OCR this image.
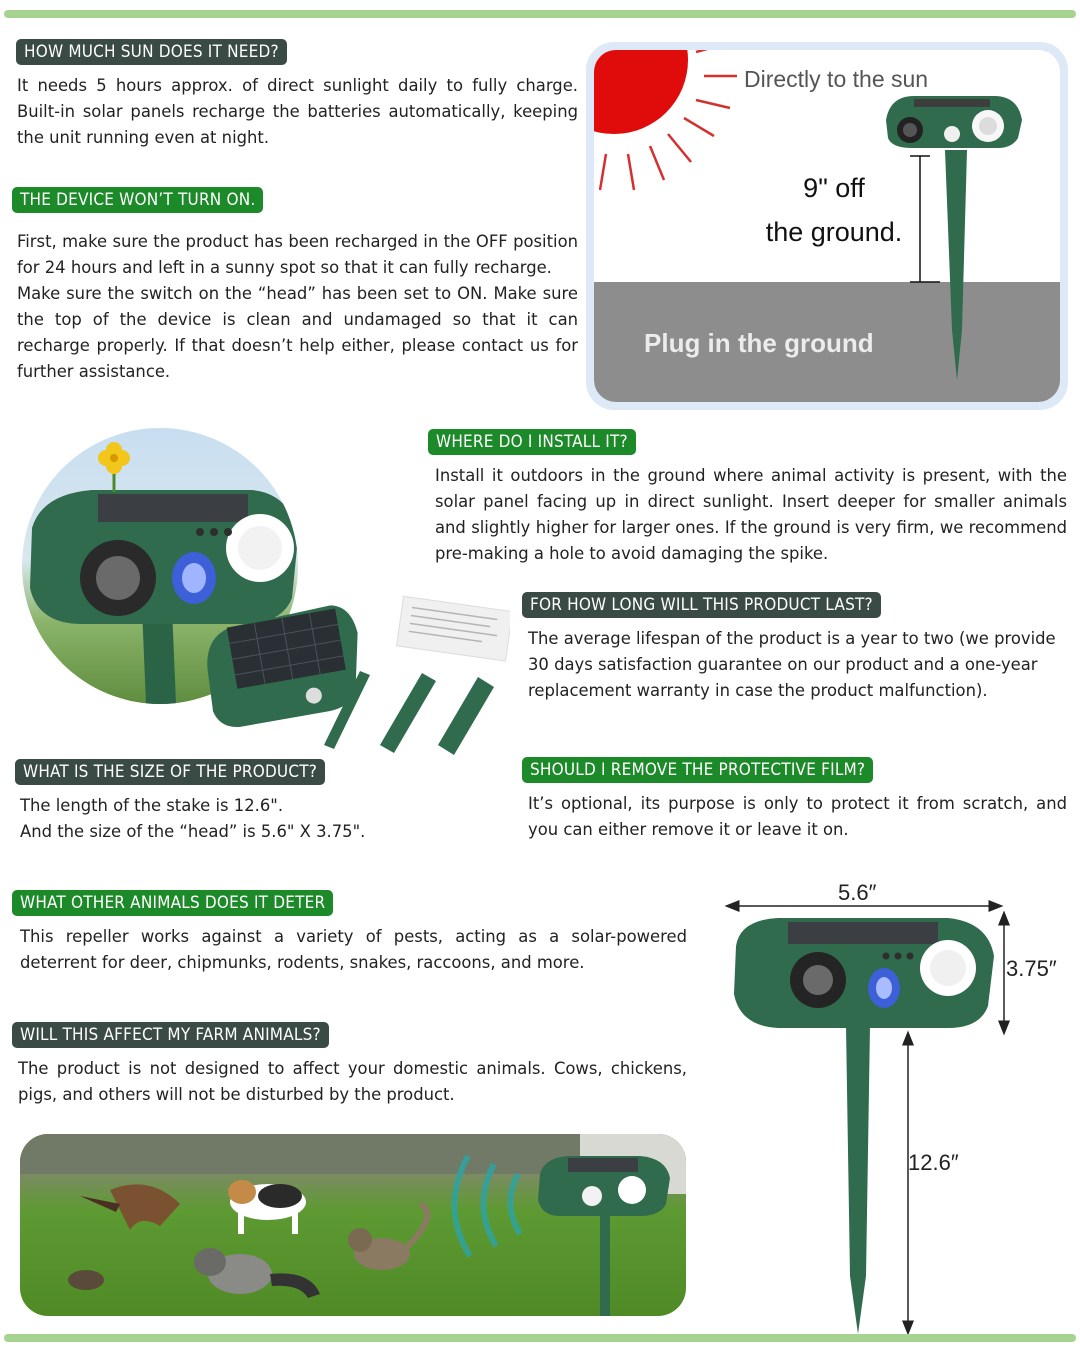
HOW MUCH SUN DOES IT NEED?
It needs 5 hours approx. of direct sunlight daily to fully charge. Built-in solar panels recharge the batteries automatically, keeping the unit running even at night.
THE DEVICE WON’T TURN ON.

First, make sure the product has been recharged in the OFF position for 24 hours and left in a sunny spot so that it can fully recharge.

Make sure the switch on the “head” has been set to ON. Make sure the top of the device is clean and undamaged so that it can recharge properly. If that doesn’t help either, please contact us for further assistance.

Directly to the sun
9" off
the ground.
Plug in the ground
WHERE DO I INSTALL IT?
Install it outdoors in the ground where animal activity is present, with the solar panel facing up in direct sunlight. Insert deeper for smaller animals and slightly higher for larger ones. If the ground is very firm, we recommend pre-making a hole to avoid damaging the spike.
FOR HOW LONG WILL THIS PRODUCT LAST?
The average lifespan of the product is a year to two (we provide 30 days satisfaction guarantee on our product and a one-year replacement warranty in case the product malfunction).
WHAT IS THE SIZE OF THE PRODUCT?

The length of the stake is 12.6".

And the size of the “head” is 5.6" X 3.75".

SHOULD I REMOVE THE PROTECTIVE FILM?
It’s optional, its purpose is only to protect it from scratch, and you can either remove it or leave it on.
WHAT OTHER ANIMALS DOES IT DETER
This repeller works against a variety of pests, acting as a solar-powered deterrent for deer, chipmunks, rodents, snakes, raccoons, and more.
WILL THIS AFFECT MY FARM ANIMALS?
The product is not designed to affect your domestic animals. Cows, chickens, pigs, and others will not be disturbed by the product.
5.6″
3.75″
12.6″
